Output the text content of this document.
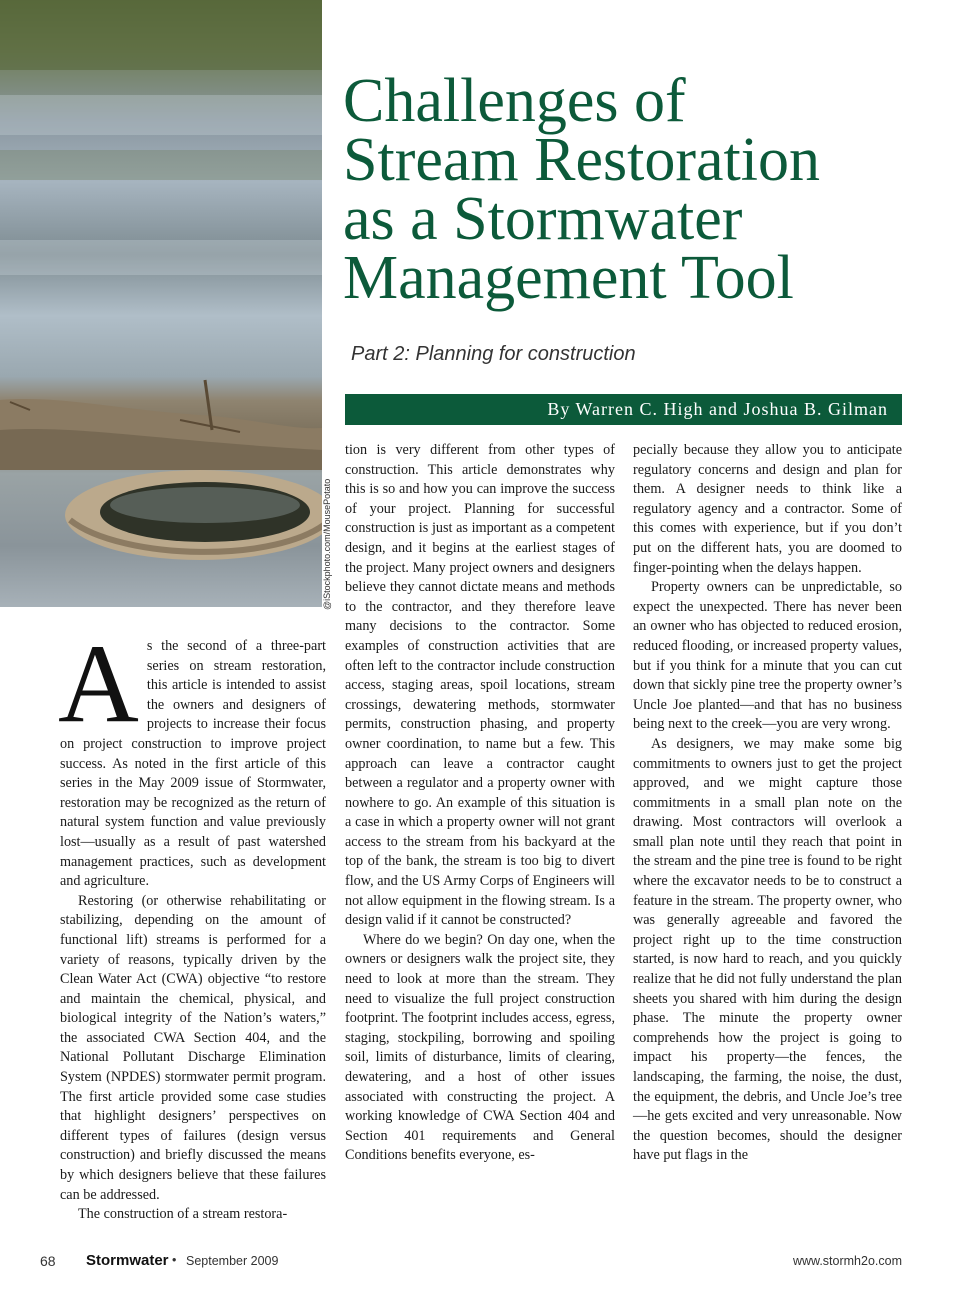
@iStockphoto.com/MousePotato
Challenges of
Stream Restoration
as a Stormwater
Management Tool

Part 2: Planning for construction

By Warren C. High and Joshua B. Gilman

As the second of a three-part series on stream restoration, this article is intended to assist the owners and designers of projects to increase their focus on project construction to improve project success. As noted in the first article of this series in the May 2009 issue of Stormwater, restoration may be recognized as the return of natural system function and value previously lost—usually as a result of past watershed management practices, such as development and agriculture.

Restoring (or otherwise rehabilitating or stabilizing, depending on the amount of functional lift) streams is performed for a variety of reasons, typically driven by the Clean Water Act (CWA) objective “to restore and maintain the chemical, physical, and biological integrity of the Nation’s waters,” the associated CWA Section 404, and the National Pollutant Discharge Elimination System (NPDES) stormwater permit program. The first article provided some case studies that highlight designers’ perspectives on different types of failures (design versus construction) and briefly discussed the means by which designers believe that these failures can be addressed.

The construction of a stream restora-

tion is very different from other types of construction. This article demonstrates why this is so and how you can improve the success of your project. Planning for successful construction is just as important as a competent design, and it begins at the earliest stages of the project. Many project owners and designers believe they cannot dictate means and methods to the contractor, and they therefore leave many decisions to the contractor. Some examples of construction activities that are often left to the contractor include construction access, staging areas, spoil locations, stream crossings, dewatering methods, stormwater permits, construction phasing, and property owner coordination, to name but a few. This approach can leave a contractor caught between a regulator and a property owner with nowhere to go. An example of this situation is a case in which a property owner will not grant access to the stream from his backyard at the top of the bank, the stream is too big to divert flow, and the US Army Corps of Engineers will not allow equipment in the flowing stream. Is a design valid if it cannot be constructed?

Where do we begin? On day one, when the owners or designers walk the project site, they need to look at more than the stream. They need to visualize the full project construction footprint. The footprint includes access, egress, staging, stockpiling, borrowing and spoiling soil, limits of disturbance, limits of clearing, dewatering, and a host of other issues associated with constructing the project. A working knowledge of CWA Section 404 and Section 401 requirements and General Conditions benefits everyone, es-

pecially because they allow you to anticipate regulatory concerns and design and plan for them. A designer needs to think like a regulatory agency and a contractor. Some of this comes with experience, but if you don’t put on the different hats, you are doomed to finger-pointing when the delays happen.

Property owners can be unpredictable, so expect the unexpected. There has never been an owner who has objected to reduced erosion, reduced flooding, or increased property values, but if you think for a minute that you can cut down that sickly pine tree the property owner’s Uncle Joe planted—and that has no business being next to the creek—you are very wrong.

As designers, we may make some big commitments to owners just to get the project approved, and we might capture those commitments in a small plan note on the drawing. Most contractors will overlook a small plan note until they reach that point in the stream and the pine tree is found to be right where the excavator needs to be to construct a feature in the stream. The property owner, who was generally agreeable and favored the project right up to the time construction started, is now hard to reach, and you quickly realize that he did not fully understand the plan sheets you shared with him during the design phase. The minute the property owner comprehends how the project is going to impact his property—the fences, the landscaping, the farming, the noise, the dust, the equipment, the debris, and Uncle Joe’s tree—he gets excited and very unreasonable. Now the question becomes, should the designer have put flags in the

68 Stormwater • September 2009	www.stormh2o.com
